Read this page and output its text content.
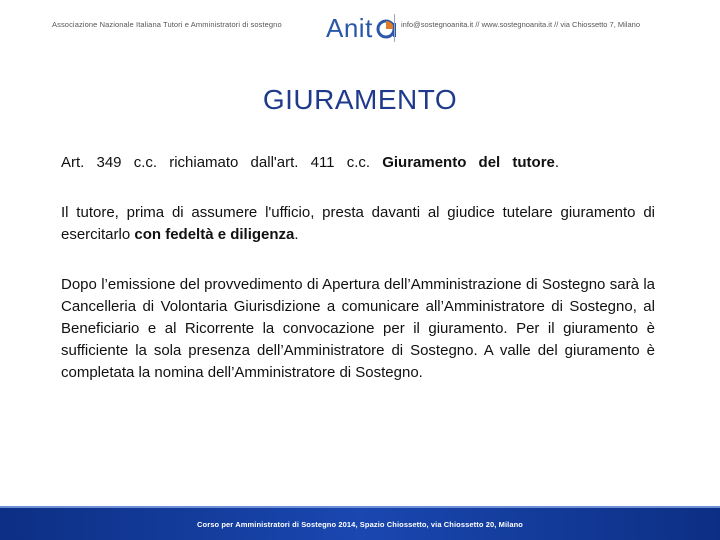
Associazione Nazionale Italiana Tutori e Amministratori di sostegno Anit	info@sostegnoanita.it // www.sostegnoanita.it // via Chiossetto 7, Milano
GIURAMENTO
Art. 349 c.c. richiamato dall'art. 411 c.c. Giuramento del tutore.
Il tutore, prima di assumere l'ufficio, presta davanti al giudice tutelare giuramento di esercitarlo con fedeltà e diligenza.
Dopo l’emissione del provvedimento di Apertura dell’Amministrazione di Sostegno sarà la Cancelleria di Volontaria Giurisdizione a comunicare all’Amministratore di Sostegno, al Beneficiario e al Ricorrente la convocazione per il giuramento. Per il giuramento è sufficiente la sola presenza dell’Amministratore di Sostegno. A valle del giuramento è completata la nomina dell’Amministratore di Sostegno.
Corso per Amministratori di Sostegno 2014, Spazio Chiossetto, via Chiossetto 20, Milano
